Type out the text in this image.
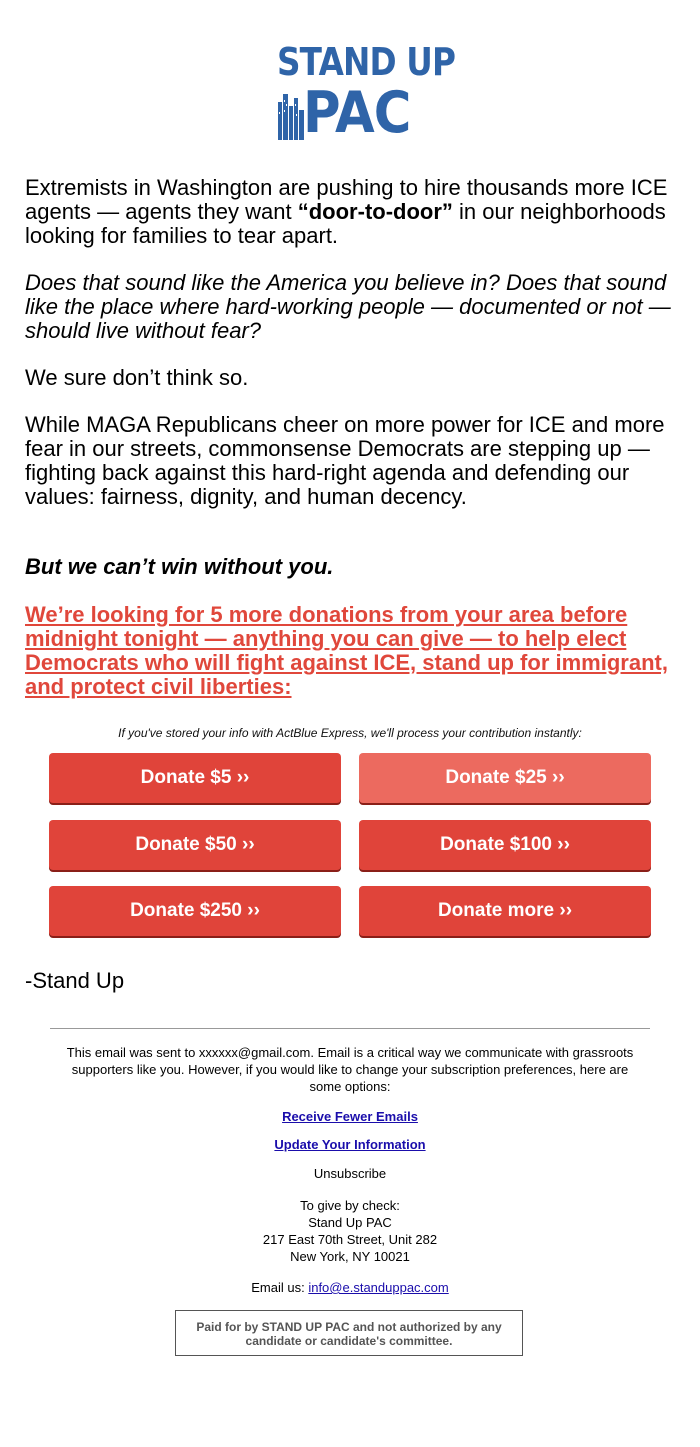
STAND UP
PAC

Extremists in Washington are pushing to hire thousands more ICE agents — agents they want “door-to-door” in our neighborhoods looking for families to tear apart.

Does that sound like the America you believe in? Does that sound like the place where hard-working people — documented or not — should live without fear?

We sure don’t think so.

While MAGA Republicans cheer on more power for ICE and more fear in our streets, commonsense Democrats are stepping up — fighting back against this hard-right agenda and defending our values: fairness, dignity, and human decency.

But we can’t win without you.

We’re looking for 5 more donations from your area before midnight tonight — anything you can give — to help elect Democrats who will fight against ICE, stand up for immigrant, and protect civil liberties:

If you've stored your info with ActBlue Express, we'll process your contribution instantly:
Donate $5 ››	Donate $25 ››
Donate $50 ››	Donate $100 ››
Donate $250 ››	Donate more ››
-Stand Up
This email was sent to xxxxxx@gmail.com. Email is a critical way we communicate with grassroots supporters like you. However, if you would like to change your subscription preferences, here are some options:
Receive Fewer Emails
Update Your Information
Unsubscribe
To give by check:
Stand Up PAC
217 East 70th Street, Unit 282
New York, NY 10021
Email us: info@e.standuppac.com
Paid for by STAND UP PAC and not authorized by any candidate or candidate's committee.
